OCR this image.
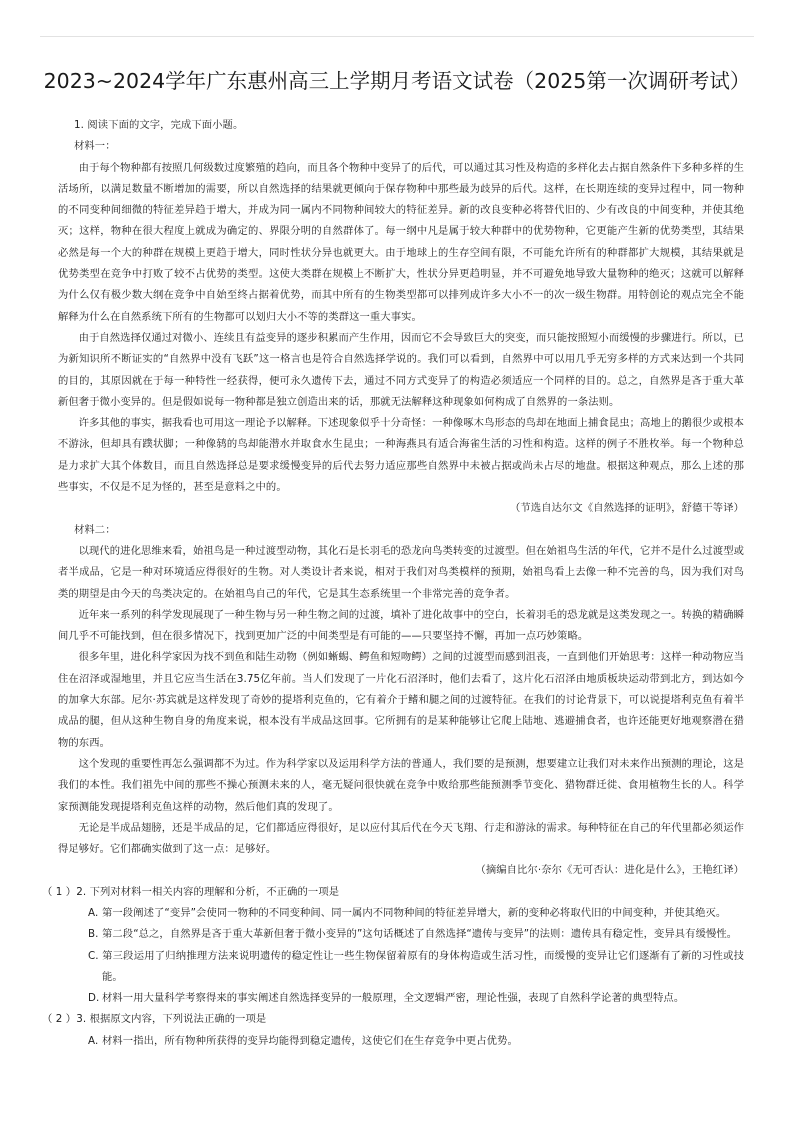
2023~2024学年广东惠州高三上学期月考语文试卷（2025第一次调研考试）

1. 阅读下面的文字，完成下面小题。

材料一：

由于每个物种都有按照几何级数过度繁殖的趋向，而且各个物种中变异了的后代，可以通过其习性及构造的多样化去占据自然条件下多种多样的生活场所，以满足数量不断增加的需要，所以自然选择的结果就更倾向于保存物种中那些最为歧异的后代。这样，在长期连续的变异过程中，同一物种的不同变种间细微的特征差异趋于增大，并成为同一属内不同物种间较大的特征差异。新的改良变种必将替代旧的、少有改良的中间变种，并使其绝灭；这样，物种在很大程度上就成为确定的、界限分明的自然群体了。每一纲中凡是属于较大种群中的优势物种，它更能产生新的优势类型，其结果必然是每一个大的种群在规模上更趋于增大，同时性状分异也就更大。由于地球上的生存空间有限，不可能允许所有的种群都扩大规模，其结果就是优势类型在竞争中打败了较不占优势的类型。这使大类群在规模上不断扩大，性状分异更趋明显，并不可避免地导致大量物种的绝灭；这就可以解释为什么仅有极少数大纲在竞争中自始至终占据着优势，而其中所有的生物类型都可以排列成许多大小不一的次一级生物群。用特创论的观点完全不能解释为什么在自然系统下所有的生物都可以划归大小不等的类群这一重大事实。

由于自然选择仅通过对微小、连续且有益变异的逐步积累而产生作用，因而它不会导致巨大的突变，而只能按照短小而缓慢的步骤进行。所以，已为新知识所不断证实的“自然界中没有飞跃”这一格言也是符合自然选择学说的。我们可以看到，自然界中可以用几乎无穷多样的方式来达到一个共同的目的，其原因就在于每一种特性一经获得，便可永久遗传下去，通过不同方式变异了的构造必须适应一个同样的目的。总之，自然界是吝于重大革新但奢于微小变异的。但是假如说每一物种都是独立创造出来的话，那就无法解释这种现象如何构成了自然界的一条法则。

许多其他的事实，据我看也可用这一理论予以解释。下述现象似乎十分奇怪：一种像啄木鸟形态的鸟却在地面上捕食昆虫；高地上的鹅很少或根本不游泳，但却具有蹼状脚；一种像鸫的鸟却能潜水并取食水生昆虫；一种海燕具有适合海雀生活的习性和构造。这样的例子不胜枚举。每一个物种总是力求扩大其个体数目，而且自然选择总是要求缓慢变异的后代去努力适应那些自然界中未被占据或尚未占尽的地盘。根据这种观点，那么上述的那些事实，不仅是不足为怪的，甚至是意料之中的。

（节选自达尔文《自然选择的证明》，舒德干等译）

材料二：

以现代的进化思维来看，始祖鸟是一种过渡型动物，其化石是长羽毛的恐龙向鸟类转变的过渡型。但在始祖鸟生活的年代，它并不是什么过渡型或者半成品，它是一种对环境适应得很好的生物。对人类设计者来说，相对于我们对鸟类模样的预期，始祖鸟看上去像一种不完善的鸟，因为我们对鸟类的期望是由今天的鸟类决定的。在始祖鸟自己的年代，它是其生态系统里一个非常完善的竞争者。

近年来一系列的科学发现展现了一种生物与另一种生物之间的过渡，填补了进化故事中的空白，长着羽毛的恐龙就是这类发现之一。转换的精确瞬间几乎不可能找到，但在很多情况下，找到更加广泛的中间类型是有可能的——只要坚持不懈，再加一点巧妙策略。

很多年里，进化科学家因为找不到鱼和陆生动物（例如蜥蜴、鳄鱼和短吻鳄）之间的过渡型而感到沮丧，一直到他们开始思考：这样一种动物应当住在沼泽或湿地里，并且它应当生活在3.75亿年前。当人们发现了一片化石沼泽时，他们去看了，这片化石沼泽由地质板块运动带到北方，到达如今的加拿大东部。尼尔·苏宾就是这样发现了奇妙的提塔利克鱼的，它有着介于鳍和腿之间的过渡特征。在我们的讨论背景下，可以说提塔利克鱼有着半成品的腿，但从这种生物自身的角度来说，根本没有半成品这回事。它所拥有的是某种能够让它爬上陆地、逃避捕食者，也许还能更好地观察潜在猎物的东西。

这个发现的重要性再怎么强调都不为过。作为科学家以及运用科学方法的普通人，我们要的是预测，想要建立让我们对未来作出预测的理论，这是我们的本性。我们祖先中间的那些不操心预测未来的人，毫无疑问很快就在竞争中败给那些能预测季节变化、猎物群迁徙、食用植物生长的人。科学家预测能发现提塔利克鱼这样的动物，然后他们真的发现了。

无论是半成品翅膀，还是半成品的足，它们都适应得很好，足以应付其后代在今天飞翔、行走和游泳的需求。每种特征在自己的年代里都必须运作得足够好。它们都确实做到了这一点：足够好。

（摘编自比尔·奈尔《无可否认：进化是什么》，王艳红译）

（ 1 ）2. 下列对材料一相关内容的理解和分析，不正确的一项是

A. 第一段阐述了“变异”会使同一物种的不同变种间、同一属内不同物种间的特征差异增大，新的变种必将取代旧的中间变种，并使其绝灭。

B. 第二段“总之，自然界是吝于重大革新但奢于微小变异的”这句话概述了自然选择“遗传与变异”的法则：遗传具有稳定性，变异具有缓慢性。

C. 第三段运用了归纳推理方法来说明遗传的稳定性让一些生物保留着原有的身体构造或生活习性，而缓慢的变异让它们逐渐有了新的习性或技能。

D. 材料一用大量科学考察得来的事实阐述自然选择变异的一般原理，全文逻辑严密，理论性强，表现了自然科学论著的典型特点。

（ 2 ）3. 根据原文内容，下列说法正确的一项是

A. 材料一指出，所有物种所获得的变异均能得到稳定遗传，这使它们在生存竞争中更占优势。
